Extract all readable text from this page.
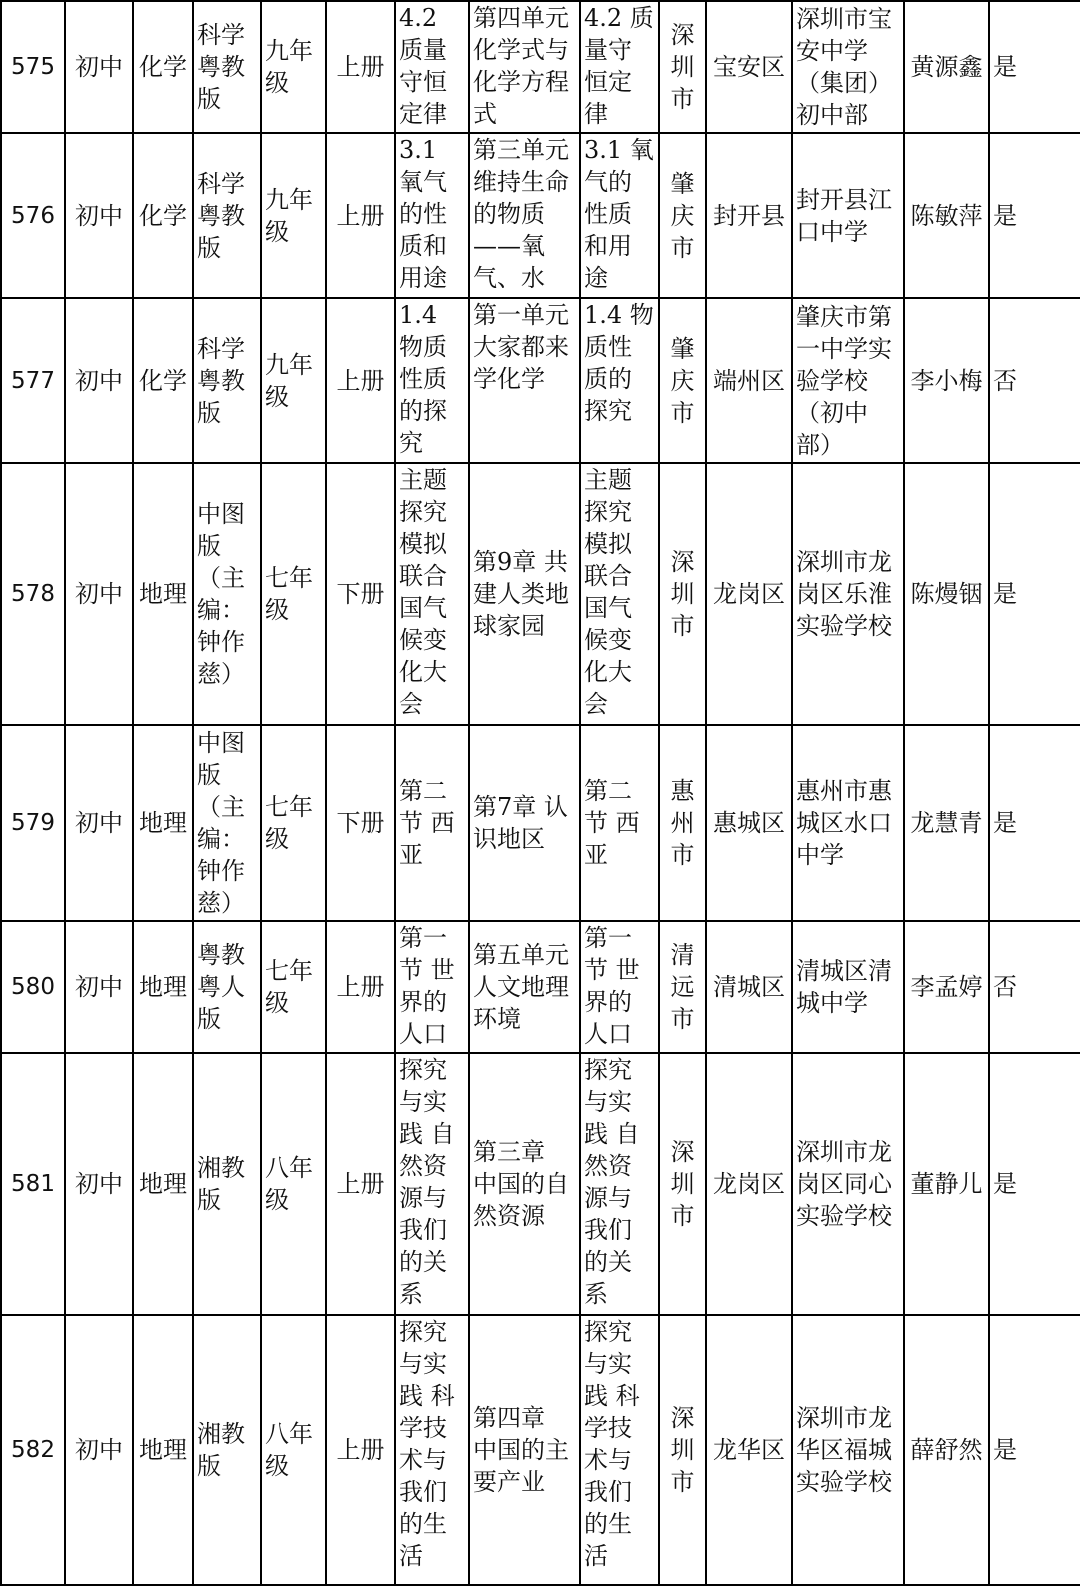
575	初中	化学	科学粤教版	九年级	上册	4.2 质量守恒定律	第四单元化学式与化学方程式	4.2 质量守恒定律	深圳市	宝安区	深圳市宝安中学（集团）初中部	黄源鑫	是
576	初中	化学	科学粤教版	九年级	上册	3.1 氧气的性质和用途	第三单元维持生命的物质——氧气、水	3.1 氧气的性质和用途	肇庆市	封开县	封开县江口中学	陈敏萍	是
577	初中	化学	科学粤教版	九年级	上册	1.4 物质性质的探究	第一单元大家都来学化学	1.4 物质性质的探究	肇庆市	端州区	肇庆市第一中学实验学校（初中部）	李小梅	否
578	初中	地理	中图版（主编：钟作慈）	七年级	下册	主题探究模拟联合国气候变化大会	第9章 共建人类地球家园	主题探究模拟联合国气候变化大会	深圳市	龙岗区	深圳市龙岗区乐淮实验学校	陈熳铟	是
579	初中	地理	中图版（主编：钟作慈）	七年级	下册	第二节 西亚	第7章 认识地区	第二节 西亚	惠州市	惠城区	惠州市惠城区水口中学	龙慧青	是
580	初中	地理	粤教粤人版	七年级	上册	第一节 世界的人口	第五单元人文地理环境	第一节 世界的人口	清远市	清城区	清城区清城中学	李孟婷	否
581	初中	地理	湘教版	八年级	上册	探究与实践 自然资源与我们的关系	第三章 中国的自然资源	探究与实践 自然资源与我们的关系	深圳市	龙岗区	深圳市龙岗区同心实验学校	董静儿	是
582	初中	地理	湘教版	八年级	上册	探究与实践 科学技术与我们的生活	第四章 中国的主要产业	探究与实践 科学技术与我们的生活	深圳市	龙华区	深圳市龙华区福城实验学校	薛舒然	是
